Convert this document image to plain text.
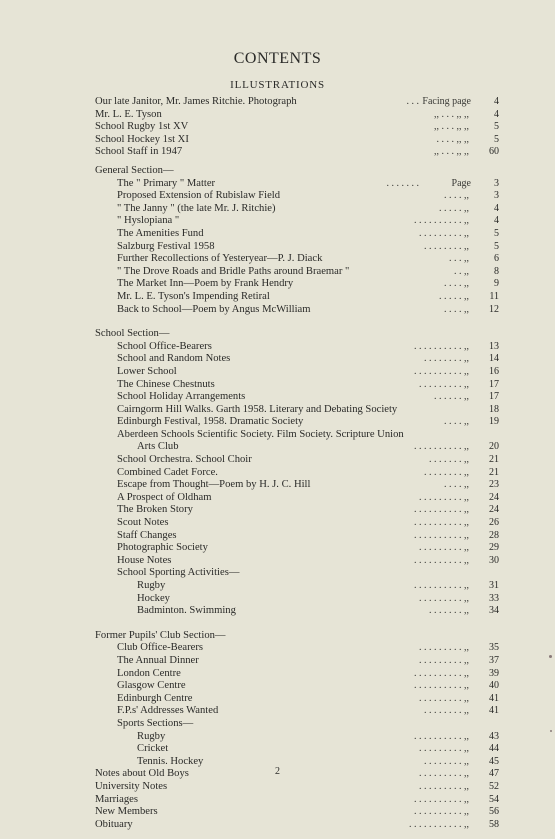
CONTENTS
ILLUSTRATIONS
Our late Janitor, Mr. James Ritchie. Photograph	. . . Facing page	4
Mr. L. E. Tyson	,, . . . ,, ,,	4
School Rugby 1st XV	,, . . . ,, ,,	5
School Hockey 1st XI	. . . . ,, ,,	5
School Staff in 1947	,, . . . ,, ,,	60
General Section—
The " Primary " Matter	. . . . . . .	Page	3
Proposed Extension of Rubislaw Field	. . . . ,,	3
" The Janny " (the late Mr. J. Ritchie)	. . . . . ,,	4
" Hyslopiana "	. . . . . . . . . . ,,	4
The Amenities Fund	. . . . . . . . . ,,	5
Salzburg Festival 1958	. . . . . . . . ,,	5
Further Recollections of Yesteryear—P. J. Diack	. . . ,,	6
" The Drove Roads and Bridle Paths around Braemar "	. . ,,	8
The Market Inn—Poem by Frank Hendry	. . . . ,,	9
Mr. L. E. Tyson's Impending Retiral	. . . . . ,,	11
Back to School—Poem by Angus McWilliam	. . . . ,,	12
School Section—
School Office-Bearers	. . . . . . . . . . ,,	13
School and Random Notes	. . . . . . . . ,,	14
Lower School	. . . . . . . . . . ,,	16
The Chinese Chestnuts	. . . . . . . . . ,,	17
School Holiday Arrangements	. . . . . . ,,	17
Cairngorm Hill Walks. Garth 1958. Literary and Debating Society	18
Edinburgh Festival, 1958. Dramatic Society	. . . . ,,	19
Aberdeen Schools Scientific Society. Film Society. Scripture Union
Arts Club	. . . . . . . . . . ,,	20
School Orchestra. School Choir	. . . . . . . ,,	21
Combined Cadet Force.	. . . . . . . . ,,	21
Escape from Thought—Poem by H. J. C. Hill	. . . . ,,	23
A Prospect of Oldham	. . . . . . . . . ,,	24
The Broken Story	. . . . . . . . . . ,,	24
Scout Notes	. . . . . . . . . . ,,	26
Staff Changes	. . . . . . . . . . ,,	28
Photographic Society	. . . . . . . . . ,,	29
House Notes	. . . . . . . . . . ,,	30
School Sporting Activities—
Rugby	. . . . . . . . . . ,,	31
Hockey	. . . . . . . . . ,,	33
Badminton. Swimming	. . . . . . . ,,	34
Former Pupils' Club Section—
Club Office-Bearers	. . . . . . . . . ,,	35
The Annual Dinner	. . . . . . . . . ,,	37
London Centre	. . . . . . . . . . ,,	39
Glasgow Centre	. . . . . . . . . . ,,	40
Edinburgh Centre	. . . . . . . . . ,,	41
F.P.s' Addresses Wanted	. . . . . . . . ,,	41
Sports Sections—
Rugby	. . . . . . . . . . ,,	43
Cricket	. . . . . . . . . ,,	44
Tennis. Hockey	. . . . . . . . ,,	45
Notes about Old Boys	. . . . . . . . . ,,	47
University Notes	. . . . . . . . . ,,	52
Marriages	. . . . . . . . . . ,,	54
New Members	. . . . . . . . . . ,,	56
Obituary	. . . . . . . . . . . ,,	58
2
